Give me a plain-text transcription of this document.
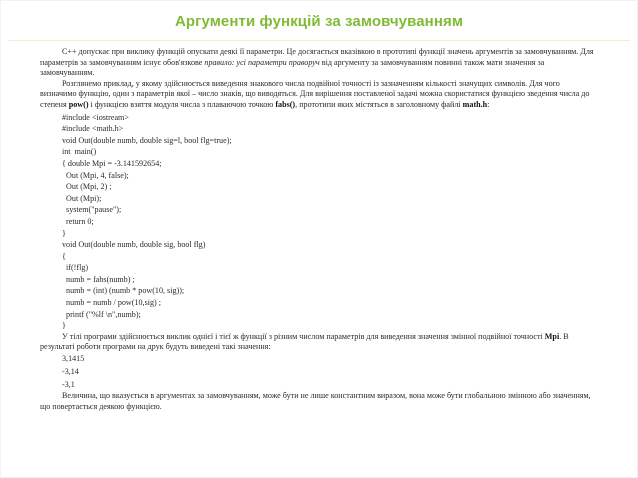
Аргументи функцій за замовчуванням

С++ допускає при виклику функцій опускати деякі її параметри. Це досягається вказівкою в прототипі функції значень аргументів за замовчуванням. Для параметрів за замовчуванням існує обов'язкове правило: усі параметри праворуч від аргументу за замовчуванням повинні також мати значення за замовчуванням.

Розглянемо приклад, у якому здійснюється виведення знакового числа подвійної точності із зазначенням кількості значущих символів. Для чого визначимо функцію, один з параметрів якої – число знаків, що виводяться. Для вирішення поставленої задачі можна скористатися функцією зведення числа до степеня pow() і функцією взяття модуля числа з плаваючою точкою fabs(), прототипи яких містяться в заголовному файлі math.h:

#include <iostream>
#include <math.h>
void Out(double numb, double sig=l, bool flg=true);
int  main()
{ double Mpi = -3.141592654;
Out (Mpi, 4, false);
Out (Mpi, 2) ;
Out (Mpi);
system("pause");
return 0;
}
void Out(double numb, double sig, bool flg)
{
if(!flg)
numb = fabs(numb) ;
numb = (int) (numb * pow(10, sig));
numb = numb / pow(10,sig) ;
printf ("%lf \n",numb);
}

У тілі програми здійснюється виклик однієї і тієї ж функції з різним числом параметрів для виведення значення змінної подвійної точності Mpi. В результаті роботи програми на друк будуть виведені такі значення:

3,1415
-3,14
-3,1

Величина, що вказується в аргументах за замовчуванням, може бути не лише константним виразом, вона може бути глобальною змінною або значенням, що повертається деякою функцією.
